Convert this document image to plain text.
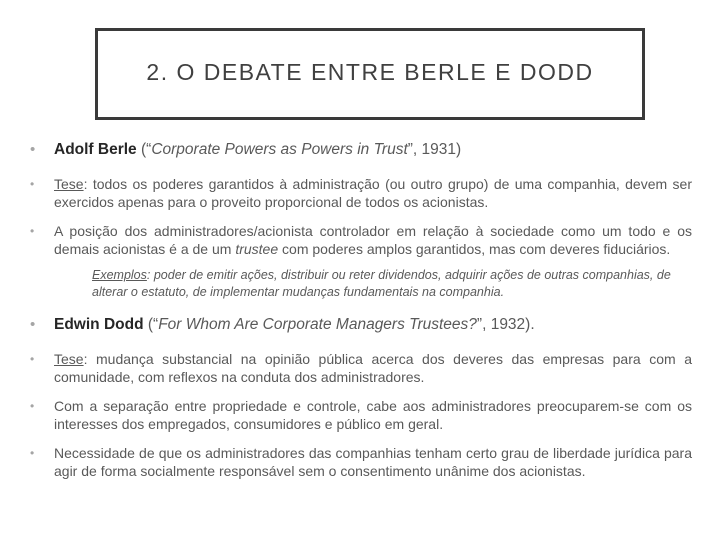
2. O DEBATE ENTRE BERLE E DODD
• Adolf Berle (“Corporate Powers as Powers in Trust”, 1931)
• Tese: todos os poderes garantidos à administração (ou outro grupo) de uma companhia, devem ser exercidos apenas para o proveito proporcional de todos os acionistas.
• A posição dos administradores/acionista controlador em relação à sociedade como um todo e os demais acionistas é a de um trustee com poderes amplos garantidos, mas com deveres fiduciários.
Exemplos: poder de emitir ações, distribuir ou reter dividendos, adquirir ações de outras companhias, de alterar o estatuto, de implementar mudanças fundamentais na companhia.
• Edwin Dodd (“For Whom Are Corporate Managers Trustees?”, 1932).
• Tese: mudança substancial na opinião pública acerca dos deveres das empresas para com a comunidade, com reflexos na conduta dos administradores.
• Com a separação entre propriedade e controle, cabe aos administradores preocuparem-se com os interesses dos empregados, consumidores e público em geral.
• Necessidade de que os administradores das companhias tenham certo grau de liberdade jurídica para agir de forma socialmente responsável sem o consentimento unânime dos acionistas.
